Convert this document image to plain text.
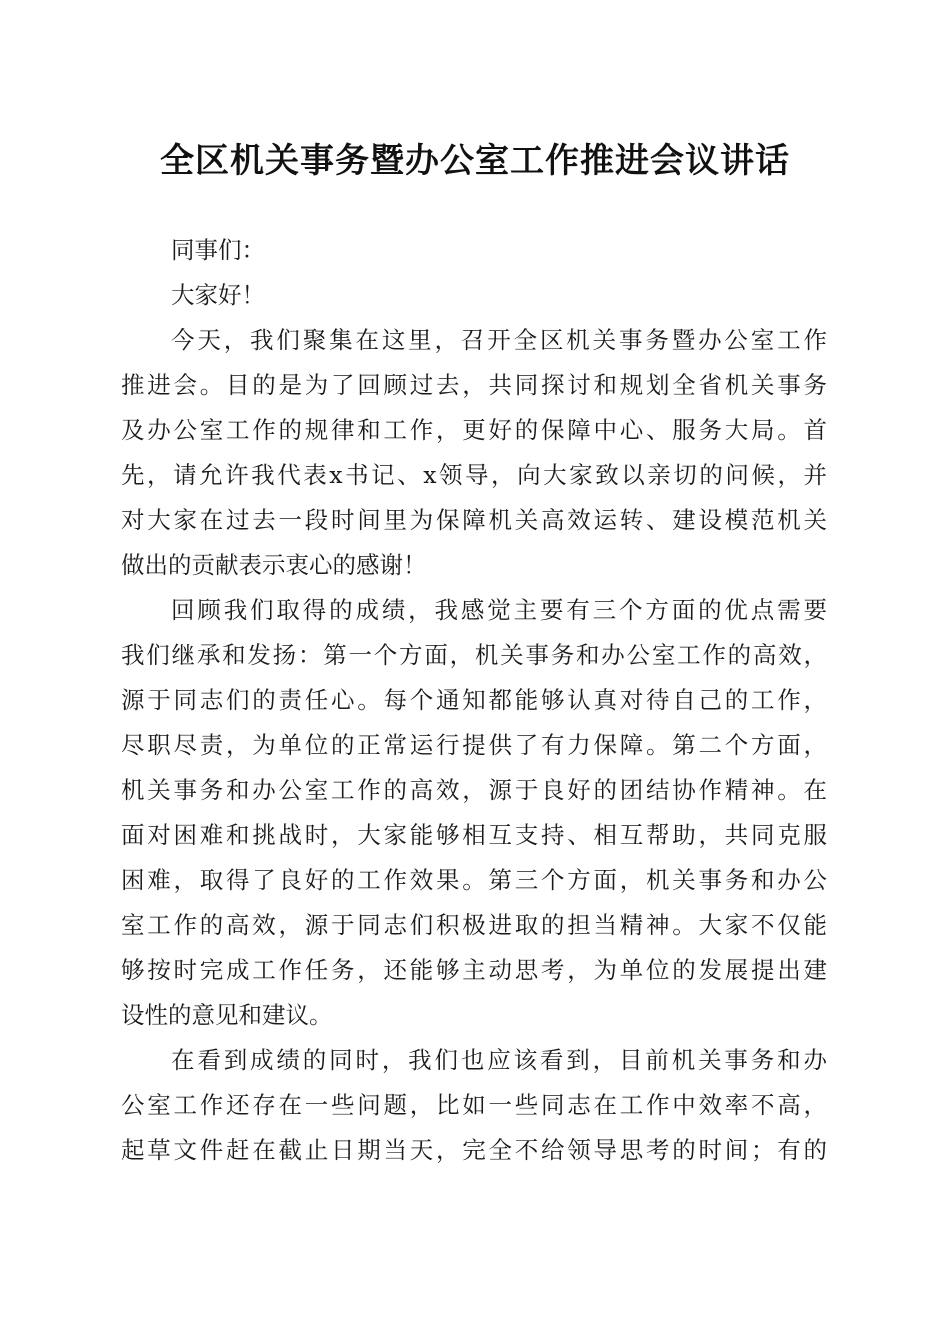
全区机关事务暨办公室工作推进会议讲话
同事们：
大家好！
今天，我们聚集在这里，召开全区机关事务暨办公室工作
推进会。目的是为了回顾过去，共同探讨和规划全省机关事务
及办公室工作的规律和工作，更好的保障中心、服务大局。首
先，请允许我代表x书记、x领导，向大家致以亲切的问候，并
对大家在过去一段时间里为保障机关高效运转、建设模范机关
做出的贡献表示衷心的感谢！
回顾我们取得的成绩，我感觉主要有三个方面的优点需要
我们继承和发扬：第一个方面，机关事务和办公室工作的高效，
源于同志们的责任心。每个通知都能够认真对待自己的工作，
尽职尽责，为单位的正常运行提供了有力保障。第二个方面，
机关事务和办公室工作的高效，源于良好的团结协作精神。在
面对困难和挑战时，大家能够相互支持、相互帮助，共同克服
困难，取得了良好的工作效果。第三个方面，机关事务和办公
室工作的高效，源于同志们积极进取的担当精神。大家不仅能
够按时完成工作任务，还能够主动思考，为单位的发展提出建
设性的意见和建议。
在看到成绩的同时，我们也应该看到，目前机关事务和办
公室工作还存在一些问题，比如一些同志在工作中效率不高，
起草文件赶在截止日期当天，完全不给领导思考的时间；有的
